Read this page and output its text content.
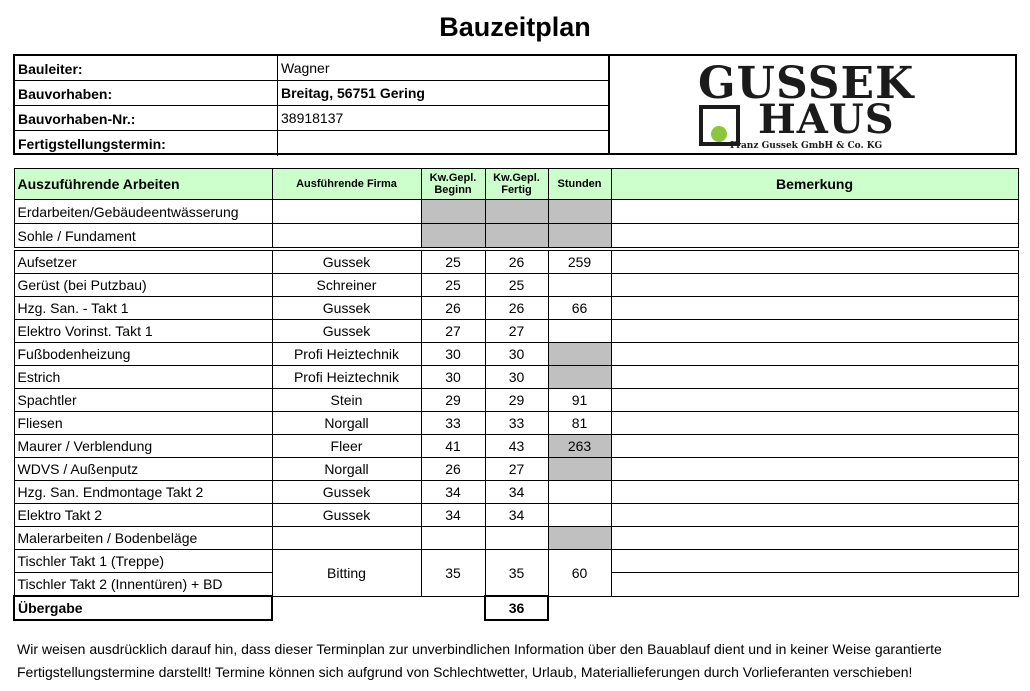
Bauzeitplan
Bauleiter:	Wagner
Bauvorhaben:	Breitag, 56751 Gering
Bauvorhaben-Nr.:	38918137
Fertigstellungstermin:
GUSSEK
HAUS
Franz Gussek GmbH & Co. KG
Auszuführende Arbeiten	Ausführende Firma	Kw.Gepl. Beginn	Kw.Gepl. Fertig	Stunden	Bemerkung
Erdarbeiten/Gebäudeentwässerung					
Sohle / Fundament					

Aufsetzer	Gussek	25	26	259	
Gerüst (bei Putzbau)	Schreiner	25	25		
Hzg. San. - Takt 1	Gussek	26	26	66	
Elektro Vorinst. Takt 1	Gussek	27	27		
Fußbodenheizung	Profi Heiztechnik	30	30		
Estrich	Profi Heiztechnik	30	30		
Spachtler	Stein	29	29	91	
Fliesen	Norgall	33	33	81	
Maurer / Verblendung	Fleer	41	43	263	
WDVS / Außenputz	Norgall	26	27		
Hzg. San. Endmontage Takt 2	Gussek	34	34		
Elektro Takt 2	Gussek	34	34		
Malerarbeiten / Bodenbeläge					
Tischler Takt 1 (Treppe)	Bitting	35	35	60	
Tischler Takt 2 (Innentüren) + BD					
Übergabe			36		
Wir weisen ausdrücklich darauf hin, dass dieser Terminplan zur unverbindlichen Information über den Bauablauf dient und in keiner Weise garantierte
Fertigstellungstermine darstellt! Termine können sich aufgrund von Schlechtwetter, Urlaub, Materiallieferungen durch Vorlieferanten verschieben!
